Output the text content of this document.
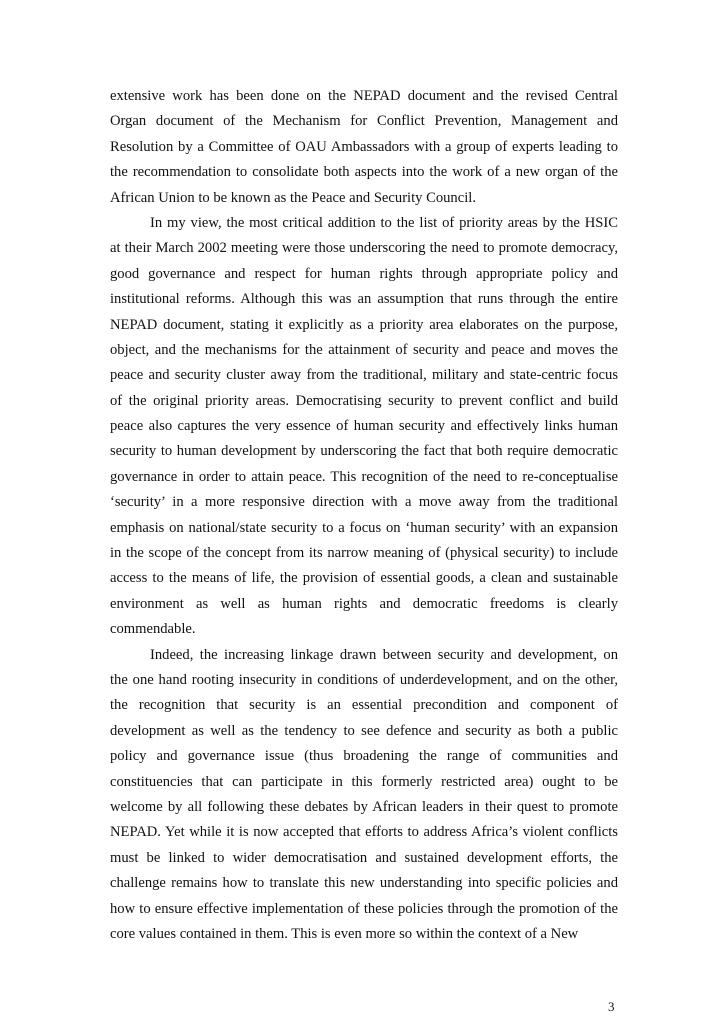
extensive work has been done on the NEPAD document and the revised Central
Organ document of the Mechanism for Conflict Prevention, Management and
Resolution by a Committee of OAU Ambassadors with a group of experts leading to
the recommendation to consolidate both aspects into the work of a new organ of the
African Union to be known as the Peace and Security Council.
In my view, the most critical addition to the list of priority areas by the HSIC
at their March 2002 meeting were those underscoring the need to promote democracy,
good governance and respect for human rights through appropriate policy and
institutional reforms. Although this was an assumption that runs through the entire
NEPAD document, stating it explicitly as a priority area elaborates on the purpose,
object, and the mechanisms for the attainment of security and peace and moves the
peace and security cluster away from the traditional, military and state-centric focus
of the original priority areas. Democratising security to prevent conflict and build
peace also captures the very essence of human security and effectively links human
security to human development by underscoring the fact that both require democratic
governance in order to attain peace. This recognition of the need to re-conceptualise
‘security’ in a more responsive direction with a move away from the traditional
emphasis on national/state security to a focus on ‘human security’ with an expansion
in the scope of the concept from its narrow meaning of (physical security) to include
access to the means of life, the provision of essential goods, a clean and sustainable
environment as well as human rights and democratic freedoms is clearly
commendable.
Indeed, the increasing linkage drawn between security and development, on
the one hand rooting insecurity in conditions of underdevelopment, and on the other,
the recognition that security is an essential precondition and component of
development as well as the tendency to see defence and security as both a public
policy and governance issue (thus broadening the range of communities and
constituencies that can participate in this formerly restricted area) ought to be
welcome by all following these debates by African leaders in their quest to promote
NEPAD. Yet while it is now accepted that efforts to address Africa’s violent conflicts
must be linked to wider democratisation and sustained development efforts, the
challenge remains how to translate this new understanding into specific policies and
how to ensure effective implementation of these policies through the promotion of the
core values contained in them. This is even more so within the context of a New
3
